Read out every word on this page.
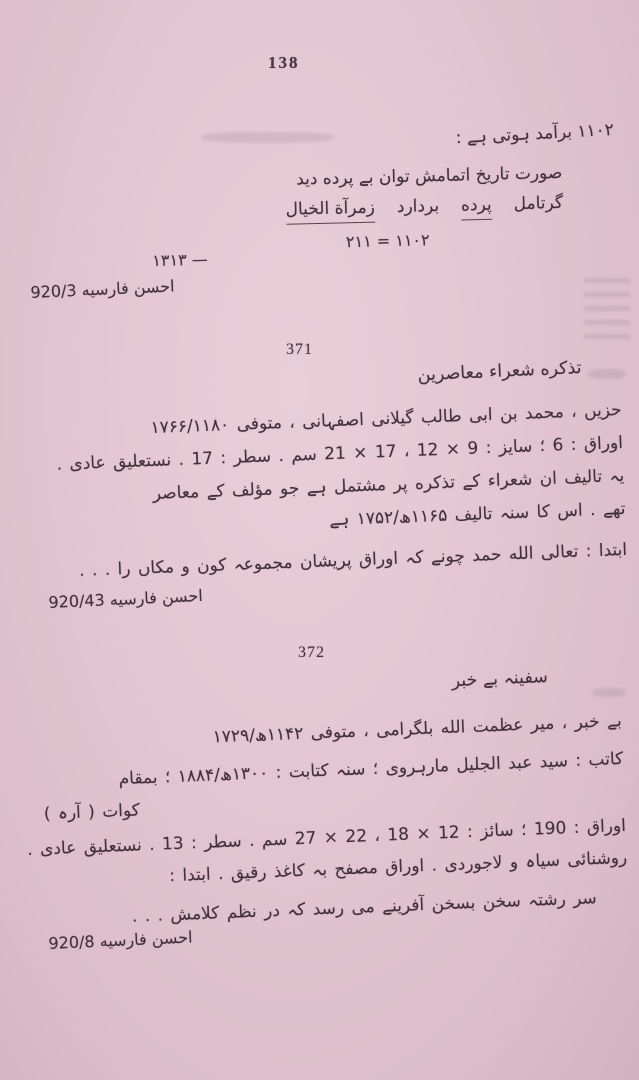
138
۱۱۰۲ برآمد ہوتی ہے :
صورت تاریخ اتمامش توان بے پرده دید
گرتامل
پرده
بردارد
زمرآة الخیال
۲۱۱ = ۱۱۰۲
۱۳۱۳ —
احسن فارسیه 920/3
371
تذکره شعراء معاصرین
حزیں ، محمد بن ابی طالب گیلانی اصفہانی ، متوفی ۱۷۶۶/۱۱۸۰
اوراق : 6 ؛ سایز : 9 × 12 ، 17 × 21 سم . سطر : 17 . نستعلیق عادی .
یہ تالیف ان شعراء کے تذکره پر مشتمل ہے جو مؤلف کے معاصر
تھے . اس کا سنہ تالیف ۱۱۶۵ھ/۱۷۵۲ ہے
ابتدا : تعالی الله حمد چونے کہ اوراق پریشان مجموعہ کون و مکاں را . . .
احسن فارسیه 920/43
372
سفینہ بے خبر
بے خبر ، میر عظمت الله بلگرامی ، متوفی ۱۱۴۲ھ/۱۷۲۹
کاتب : سید عبد الجلیل مارہروی ؛ سنہ کتابت : ۱۳۰۰ھ/۱۸۸۴ ؛ بمقام
کوات ( آرہ )
اوراق : 190 ؛ سائز : 12 × 18 ، 22 × 27 سم . سطر : 13 . نستعلیق عادی .
روشنائی سیاہ و لاجوردی . اوراق مصفح بہ کاغذ رقیق . ابتدا :
سر رشتہ سخن بسخن آفرینے می رسد کہ در نظم کلامش . . .
احسن فارسیه 920/8
